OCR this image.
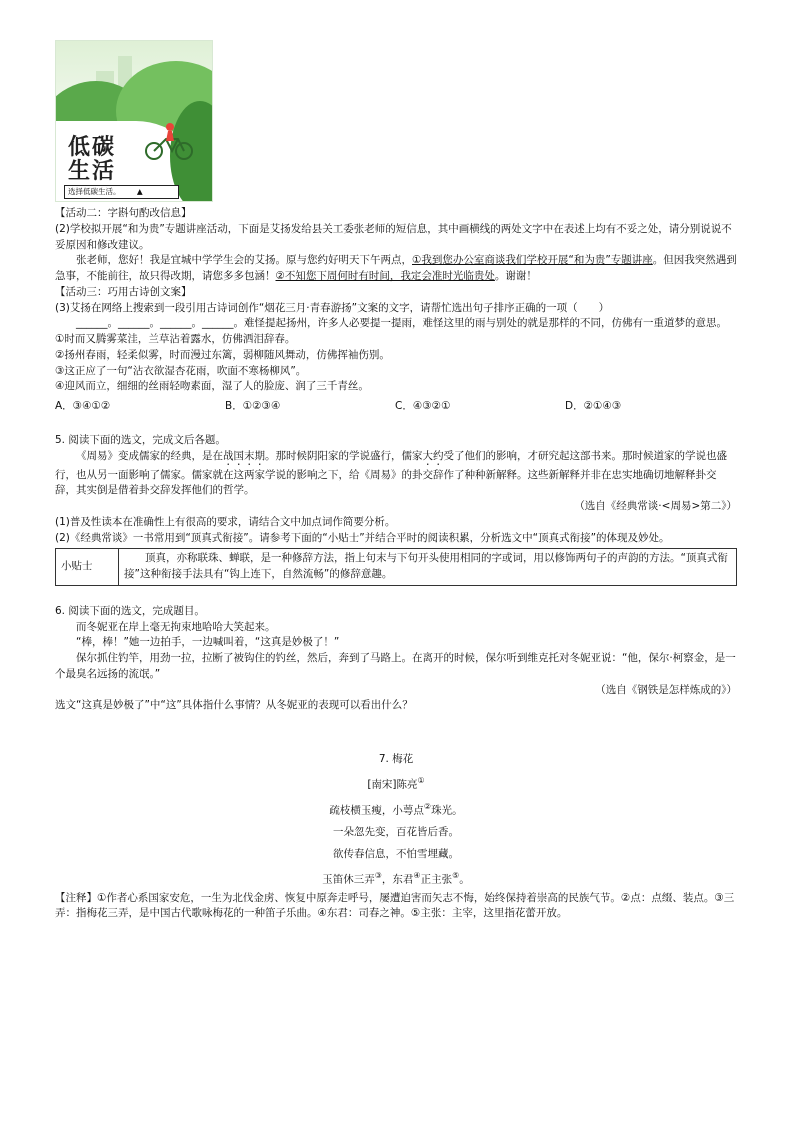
低碳
生活
选择低碳生活。 ▲

【活动二：字斟句酌改信息】

(2)学校拟开展“和为贵”专题讲座活动，下面是艾扬发给县关工委张老师的短信息，其中画横线的两处文字中在表述上均有不妥之处，请分别说说不妥原因和修改建议。

张老师，您好！我是宜城中学学生会的艾扬。原与您约好明天下午两点，①我到您办公室商谈我们学校开展“和为贵”专题讲座。但因我突然遇到急事，不能前往，故只得改期，请您多多包涵！②不知您下周何时有时间，我定会准时光临贵处。谢谢！

【活动三：巧用古诗创文案】

(3)艾扬在网络上搜索到一段引用古诗词创作“烟花三月·青春游扬”文案的文字，请帮忙选出句子排序正确的一项（　　）

______。______。______。______。难怪提起扬州，许多人必要提一提雨，难怪这里的雨与别处的就是那样的不同，仿佛有一重道梦的意思。

①时而又腾雾菜洼，兰草沾着露水，仿佛洒泪辞春。

②扬州春雨，轻柔似雾，时而漫过东篱，弱柳随风舞动，仿佛挥袖伤别。

③这正应了一句“沾衣欲湿杏花雨，吹面不寒杨柳风”。

④迎风而立，细细的丝雨轻吻素面，湿了人的脸庞、润了三千青丝。

A．③④①②	B．①②③④	C．④③②①	D．②①④③

5. 阅读下面的选文，完成文后各题。

《周易》变成儒家的经典，是在战国末期。那时候阴阳家的学说盛行，儒家大约受了他们的影响，才研究起这部书来。那时候道家的学说也盛行，也从另一面影响了儒家。儒家就在这两家学说的影响之下，给《周易》的卦交辞作了种种新解释。这些新解释并非在忠实地确切地解释卦交辞，其实倒是借着卦交辞发挥他们的哲学。

（选自《经典常谈·<周易>第二》）

(1)普及性读本在准确性上有很高的要求，请结合文中加点词作简要分析。

(2)《经典常谈》一书常用到“顶真式衔接”。请参考下面的“小贴士”并结合平时的阅读积累，分析选文中“顶真式衔接”的体现及妙处。

小贴士	　　顶真，亦称联珠、蝉联，是一种修辞方法，指上句末与下句开头使用相同的字或词，用以修饰两句子的声韵的方法。“顶真式衔接”这种衔接手法具有“钩上连下，自然流畅”的修辞意趣。

6. 阅读下面的选文，完成题目。

而冬妮亚在岸上毫无拘束地哈哈大笑起来。

“棒，棒！”她一边拍手，一边喊叫着，“这真是妙极了！”

保尔抓住钓竿，用劲一拉，拉断了被钩住的钓丝，然后，奔到了马路上。在离开的时候，保尔听到维克托对冬妮亚说：“他，保尔·柯察金，是一个最臭名远扬的流氓。”

（选自《钢铁是怎样炼成的》）

选文“这真是妙极了”中“这”具体指什么事情？从冬妮亚的表现可以看出什么？

7. 梅花
[南宋]陈亮①
疏枝横玉瘦，小萼点②珠光。
一朵忽先变，百花皆后香。
欲传春信息，不怕雪埋藏。
玉笛休三弄③，东君④正主张⑤。

【注释】①作者心系国家安危，一生为北伐金虏、恢复中原奔走呼号，屡遭迫害而矢志不悔，始终保持着崇高的民族气节。②点：点缀、装点。③三弄：指梅花三弄，是中国古代歌咏梅花的一种笛子乐曲。④东君：司春之神。⑤主张：主宰，这里指花蕾开放。
